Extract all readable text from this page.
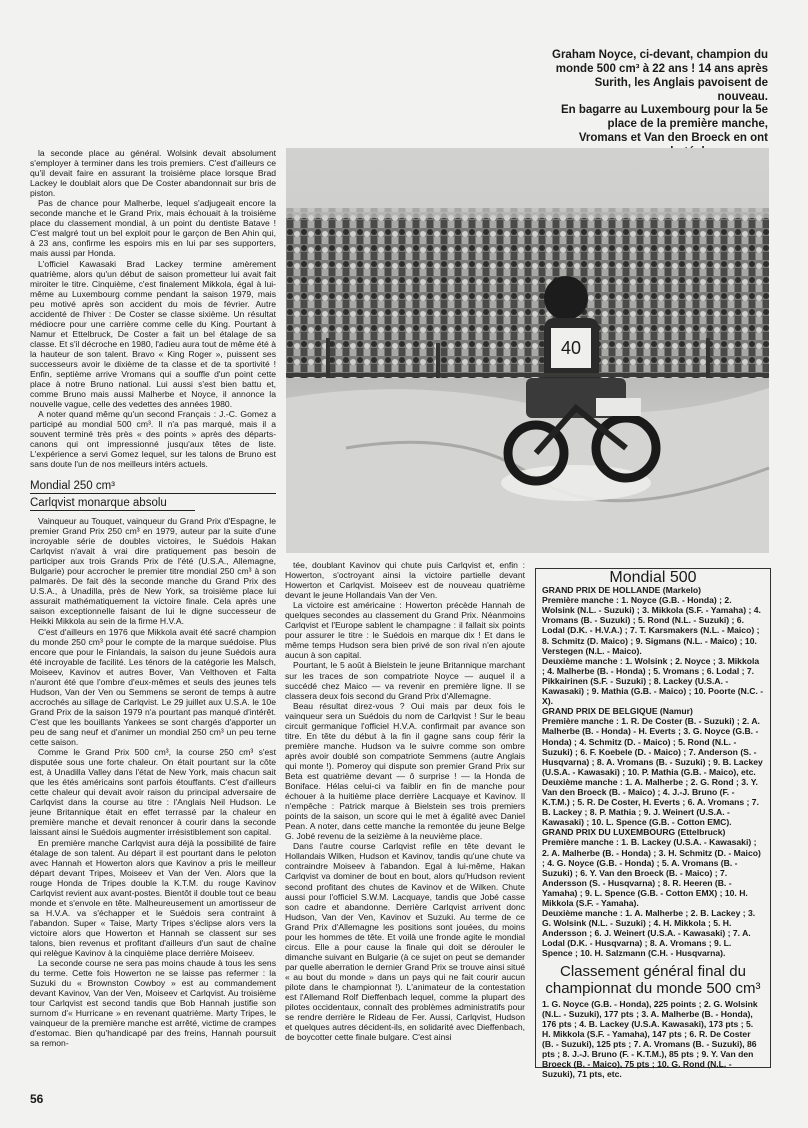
Graham Noyce, ci-devant, champion du monde 500 cm³ à 22 ans ! 14 ans après Surith, les Anglais pavoisent de nouveau.
En bagarre au Luxembourg pour la 5e place de la première manche, Vromans et Van den Broeck en ont

la seconde place au général. Wolsink devait absolument s'employer à terminer dans les trois premiers. C'est d'ailleurs ce qu'il devait faire en assurant la troisième place lorsque Brad Lackey le doublait alors que De Coster abandonnait sur bris de piston.

Pas de chance pour Malherbe, lequel s'adjugeait encore la seconde manche et le Grand Prix, mais échouait à la troisième place du classement mondial, à un point du dentiste Batave ! C'est malgré tout un bel exploit pour le garçon de Ben Ahin qui, à 23 ans, confirme les espoirs mis en lui par ses supporters, mais aussi par Honda.

L'officiel Kawasaki Brad Lackey termine amèrement quatrième, alors qu'un début de saison prometteur lui avait fait miroiter le titre. Cinquième, c'est finalement Mikkola, égal à lui-même au Luxembourg comme pendant la saison 1979, mais peu motivé après son accident du mois de février. Autre accidenté de l'hiver : De Coster se classe sixième. Un résultat médiocre pour une carrière comme celle du King. Pourtant à Namur et Ettelbruck, De Coster a fait un bel étalage de sa classe. Et s'il décroche en 1980, l'adieu aura tout de même été à la hauteur de son talent. Bravo « King Roger », puissent ses successeurs avoir le dixième de ta classe et de ta sportivité ! Enfin, septième arrive Vromans qui a souffle d'un point cette place à notre Bruno national. Lui aussi s'est bien battu et, comme Bruno mais aussi Malherbe et Noyce, il annonce la nouvelle vague, celle des vedettes des années 1980.

A noter quand même qu'un second Français : J.-C. Gomez a participé au mondial 500 cm³. Il n'a pas marqué, mais il a souvent terminé très près « des points » après des départs-canons qui ont impressionné jusqu'aux têtes de liste. L'expérience a servi Gomez lequel, sur les talons de Bruno est sans doute l'un de nos meilleurs intérs actuels.

40
Mondial 250 cm³
Carlqvist monarque absolu

Vainqueur au Touquet, vainqueur du Grand Prix d'Espagne, le premier Grand Prix 250 cm³ en 1979, auteur par la suite d'une incroyable série de doubles victoires, le Suédois Hakan Carlqvist n'avait à vrai dire pratiquement pas besoin de participer aux trois Grands Prix de l'été (U.S.A., Allemagne, Bulgarie) pour accrocher le premier titre mondial 250 cm³ à son palmarès. De fait dès la seconde manche du Grand Prix des U.S.A., à Unadilla, près de New York, sa troisième place lui assurait mathématiquement la victoire finale. Cela après une saison exceptionnelle faisant de lui le digne successeur de Heikki Mikkola au sein de la firme H.V.A.

C'est d'ailleurs en 1976 que Mikkola avait été sacré champion du monde 250 cm³ pour le compte de la marque suédoise. Plus encore que pour le Finlandais, la saison du jeune Suédois aura été incroyable de facilité. Les ténors de la catégorie les Malsch, Moiseev, Kavinov et autres Bover, Van Velthoven et Falta n'auront été que l'ombre d'eux-mêmes et seuls des jeunes tels Hudson, Van der Ven ou Semmens se seront de temps à autre accrochés au sillage de Carlqvist. Le 29 juillet aux U.S.A. le 10e Grand Prix de la saison 1979 n'a pourtant pas manqué d'intérêt. C'est que les bouillants Yankees se sont chargés d'apporter un peu de sang neuf et d'animer un mondial 250 cm³ un peu terne cette saison.

Comme le Grand Prix 500 cm³, la course 250 cm³ s'est disputée sous une forte chaleur. On était pourtant sur la côte est, à Unadilla Valley dans l'état de New York, mais chacun sait que les étés américains sont parfois étouffants. C'est d'ailleurs cette chaleur qui devait avoir raison du principal adversaire de Carlqvist dans la course au titre : l'Anglais Neil Hudson. Le jeune Britannique était en effet terrassé par la chaleur en première manche et devait renoncer à courir dans la seconde laissant ainsi le Suédois augmenter irrésistiblement son capital.

En première manche Carlqvist aura déjà la possibilité de faire étalage de son talent. Au départ il est pourtant dans le peloton avec Hannah et Howerton alors que Kavinov a pris le meilleur départ devant Tripes, Moiseev et Van der Ven. Alors que la rouge Honda de Tripes double la K.T.M. du rouge Kavinov Carlqvist revient aux avant-postes. Bientôt il double tout ce beau monde et s'envole en tête. Malheureusement un amortisseur de sa H.V.A. va s'échapper et le Suédois sera contraint à l'abandon. Super « Taise, Marty Tripes s'éclipse alors vers la victoire alors que Howerton et Hannah se classent sur ses talons, bien revenus et profitant d'ailleurs d'un saut de chaîne qui relègue Kavinov à la cinquième place derrière Moiseev.

La seconde course ne sera pas moins chaude à tous les sens du terme. Cette fois Howerton ne se laisse pas refermer : la Suzuki du « Brownston Cowboy » est au commandement devant Kavinov, Van der Ven, Moiseev et Carlqvist. Au troisième tour Carlqvist est second tandis que Bob Hannah justifie son surnom d'« Hurricane » en revenant quatrième. Marty Tripes, le vainqueur de la première manche est arrêté, victime de crampes d'estomac. Bien qu'handicapé par des freins, Hannah poursuit sa remon-

tée, doublant Kavinov qui chute puis Carlqvist et, enfin : Howerton, s'octroyant ainsi la victoire partielle devant Howerton et Carlqvist. Moiseev est de nouveau quatrième devant le jeune Hollandais Van der Ven.

La victoire est américaine : Howerton précède Hannah de quelques secondes au classement du Grand Prix. Néanmoins Carlqvist et l'Europe sablent le champagne : il fallait six points pour assurer le titre : le Suédois en marque dix ! Et dans le même temps Hudson sera bien privé de son rival n'en ajoute aucun à son capital.

Pourtant, le 5 août à Bielstein le jeune Britannique marchant sur les traces de son compatriote Noyce — auquel il a succédé chez Maico — va revenir en première ligne. Il se classera deux fois second du Grand Prix d'Allemagne.

Beau résultat direz-vous ? Oui mais par deux fois le vainqueur sera un Suédois du nom de Carlqvist ! Sur le beau circuit germanique l'officiel H.V.A. confirmait par avance son titre. En tête du début à la fin il gagne sans coup férir la première manche. Hudson va le suivre comme son ombre après avoir doublé son compatriote Semmens (autre Anglais qui monte !). Pomeroy qui dispute son premier Grand Prix sur Beta est quatrième devant — ô surprise ! — la Honda de Boniface. Hélas celui-ci va faiblir en fin de manche pour échouer à la huitième place derrière Lacquaye et Kavinov. Il n'empêche : Patrick marque à Bielstein ses trois premiers points de la saison, un score qui le met à égalité avec Daniel Pean. A noter, dans cette manche la remontée du jeune Belge G. Jobé revenu de la seizième à la neuvième place.

Dans l'autre course Carlqvist refile en tête devant le Hollandais Wilken, Hudson et Kavinov, tandis qu'une chute va contraindre Moiseev à l'abandon. Egal à lui-même, Hakan Carlqvist va dominer de bout en bout, alors qu'Hudson revient second profitant des chutes de Kavinov et de Wilken. Chute aussi pour l'officiel S.W.M. Lacquaye, tandis que Jobé casse son cadre et abandonne. Derrière Carlqvist arrivent donc Hudson, Van der Ven, Kavinov et Suzuki. Au terme de ce Grand Prix d'Allemagne les positions sont jouées, du moins pour les hommes de tête. Et voilà une fronde agite le mondial circus. Elle a pour cause la finale qui doit se dérouler le dimanche suivant en Bulgarie (à ce sujet on peut se demander par quelle aberration le dernier Grand Prix se trouve ainsi situé « au bout du monde » dans un pays qui ne fait courir aucun pilote dans le championnat !). L'animateur de la contestation est l'Allemand Rolf Dieffenbach lequel, comme la plupart des pilotes occidentaux, connaît des problèmes administratifs pour se rendre derrière le Rideau de Fer. Aussi, Carlqvist, Hudson et quelques autres décident-ils, en solidarité avec Dieffenbach, de boycotter cette finale bulgare. C'est ainsi

Mondial 500
GRAND PRIX DE HOLLANDE (Markelo)
Première manche : 1. Noyce (G.B. - Honda) ; 2. Wolsink (N.L. - Suzuki) ; 3. Mikkola (S.F. - Yamaha) ; 4. Vromans (B. - Suzuki) ; 5. Rond (N.L. - Suzuki) ; 6. Lodal (D.K. - H.V.A.) ; 7. T. Karsmakers (N.L. - Maico) ; 8. Schmitz (D. Maico) ; 9. Sigmans (N.L. - Maico) ; 10. Verstegen (N.L. - Maico).
Deuxième manche : 1. Wolsink ; 2. Noyce ; 3. Mikkola ; 4. Malherbe (B. - Honda) ; 5. Vromans ; 6. Lodal ; 7. Pikkairinen (S.F. - Suzuki) ; 8. Lackey (U.S.A. - Kawasaki) ; 9. Mathia (G.B. - Maico) ; 10. Poorte (N.C. - X).
GRAND PRIX DE BELGIQUE (Namur)
Première manche : 1. R. De Coster (B. - Suzuki) ; 2. A. Malherbe (B. - Honda) - H. Everts ; 3. G. Noyce (G.B. - Honda) ; 4. Schmitz (D. - Maico) ; 5. Rond (N.L. - Suzuki) ; 6. F. Koebele (D. - Maico) ; 7. Anderson (S. - Husqvarna) ; 8. A. Vromans (B. - Suzuki) ; 9. B. Lackey (U.S.A. - Kawasaki) ; 10. P. Mathia (G.B. - Maico), etc.
Deuxième manche : 1. A. Malherbe ; 2. G. Rond ; 3. Y. Van den Broeck (B. - Maico) ; 4. J.-J. Bruno (F. - K.T.M.) ; 5. R. De Coster, H. Everts ; 6. A. Vromans ; 7. B. Lackey ; 8. P. Mathia ; 9. J. Weinert (U.S.A. - Kawasaki) ; 10. L. Spence (G.B. - Cotton EMC).
GRAND PRIX DU LUXEMBOURG (Ettelbruck)
Première manche : 1. B. Lackey (U.S.A. - Kawasaki) ; 2. A. Malherbe (B. - Honda) ; 3. H. Schmitz (D. - Maico) ; 4. G. Noyce (G.B. - Honda) ; 5. A. Vromans (B. - Suzuki) ; 6. Y. Van den Broeck (B. - Maico) ; 7. Andersson (S. - Husqvarna) ; 8. R. Heeren (B. - Yamaha) ; 9. L. Spence (G.B. - Cotton EMX) ; 10. H. Mikkola (S.F. - Yamaha).
Deuxième manche : 1. A. Malherbe ; 2. B. Lackey ; 3. G. Wolsink (N.L. - Suzuki) ; 4. H. Mikkola ; 5. H. Andersson ; 6. J. Weinert (U.S.A. - Kawasaki) ; 7. A. Lodal (D.K. - Husqvarna) ; 8. A. Vromans ; 9. L. Spence ; 10. H. Salzmann (C.H. - Husqvarna).
Classement général final du championnat du monde 500 cm³
1. G. Noyce (G.B. - Honda), 225 points ; 2. G. Wolsink (N.L. - Suzuki), 177 pts ; 3. A. Malherbe (B. - Honda), 176 pts ; 4. B. Lackey (U.S.A. Kawasaki), 173 pts ; 5. H. Mikkola (S.F. - Yamaha), 147 pts ; 6. R. De Coster (B. - Suzuki), 125 pts ; 7. A. Vromans (B. - Suzuki), 86 pts ; 8. J.-J. Bruno (F. - K.T.M.), 85 pts ; 9. Y. Van den Broeck (B. - Maico), 75 pts ; 10. G. Rond (N.L. - Suzuki), 71 pts, etc.
56
